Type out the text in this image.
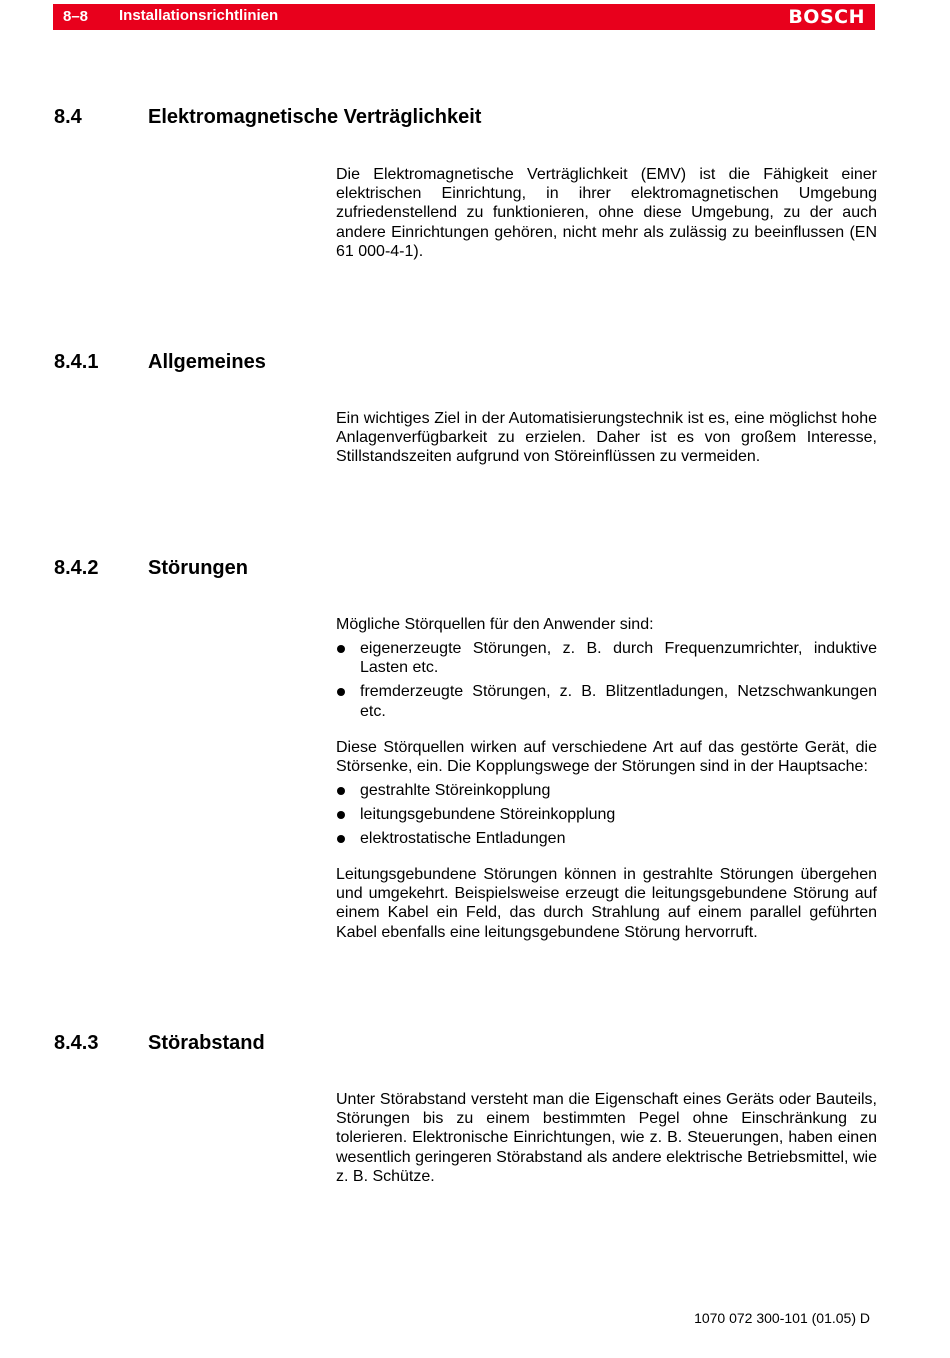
8–8 Installationsrichtlinien	BOSCH
8.4	Elektromagnetische Verträglichkeit

Die Elektromagnetische Verträglichkeit (EMV) ist die Fähigkeit einer elektrischen Einrichtung, in ihrer elektromagnetischen Umgebung zufriedenstellend zu funktionieren, ohne diese Umgebung, zu der auch andere Einrichtungen gehören, nicht mehr als zulässig zu beeinflussen (EN 61 000-4-1).

8.4.1 Allgemeines

Ein wichtiges Ziel in der Automatisierungstechnik ist es, eine möglichst hohe Anlagenverfügbarkeit zu erzielen. Daher ist es von großem Interesse, Stillstandszeiten aufgrund von Störeinflüssen zu vermeiden.

8.4.2 Störungen

Mögliche Störquellen für den Anwender sind:

eigenerzeugte Störungen, z. B. durch Frequenzumrichter, induktive Lasten etc.
fremderzeugte Störungen, z. B. Blitzentladungen, Netzschwankungen etc.

Diese Störquellen wirken auf verschiedene Art auf das gestörte Gerät, die Störsenke, ein. Die Kopplungswege der Störungen sind in der Hauptsache:

gestrahlte Störeinkopplung
leitungsgebundene Störeinkopplung
elektrostatische Entladungen

Leitungsgebundene Störungen können in gestrahlte Störungen übergehen und umgekehrt. Beispielsweise erzeugt die leitungsgebundene Störung auf einem Kabel ein Feld, das durch Strahlung auf einem parallel geführten Kabel ebenfalls eine leitungsgebundene Störung hervorruft.

8.4.3 Störabstand

Unter Störabstand versteht man die Eigenschaft eines Geräts oder Bauteils, Störungen bis zu einem bestimmten Pegel ohne Einschränkung zu tolerieren. Elektronische Einrichtungen, wie z. B. Steuerungen, haben einen wesentlich geringeren Störabstand als andere elektrische Betriebsmittel, wie z. B. Schütze.

1070 072 300-101 (01.05) D
